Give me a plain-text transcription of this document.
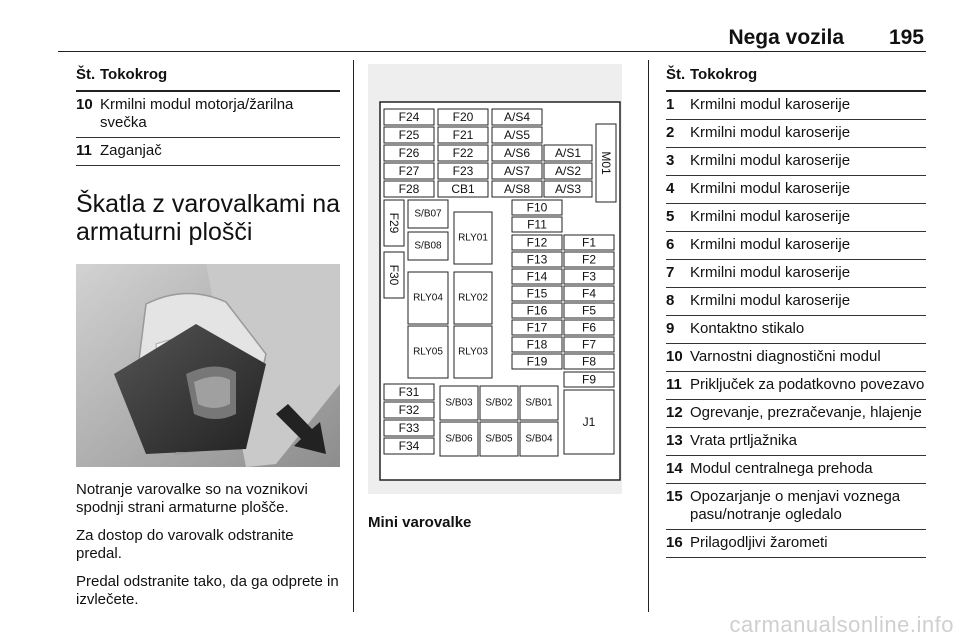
Nega vozila 195
Št. Tokokrog
10 Krmilni modul motorja/žarilna svečka
11 Zaganjač
Škatla z varovalkami na armaturni plošči
Notranje varovalke so na voznikovi spodnji strani armaturne plošče.
Za dostop do varovalk odstranite predal.
Predal odstranite tako, da ga odprete in izvlečete.
F24	F20	A/S4
F25	F21	A/S5
F26	F22	A/S6 A/S1
F27	F23	A/S7 A/S2
F28	CB1 A/S8 A/S3
M01
F29
F30
S/B07
S/B08
RLY01
F10
F11
F12	F1
F13	F2
F14	F3
F15	F4
F16	F5
F17	F6
F18	F7
F19	F8
F9
RLY04 RLY02
RLY05 RLY03
F31
F32
F33
F34
S/B03 S/B02 S/B01
S/B06 S/B05 S/B04
J1
Mini varovalke
Št. Tokokrog
1	Krmilni modul karoserije
2	Krmilni modul karoserije
3	Krmilni modul karoserije
4	Krmilni modul karoserije
5	Krmilni modul karoserije
6	Krmilni modul karoserije
7	Krmilni modul karoserije
8	Krmilni modul karoserije
9	Kontaktno stikalo
10 Varnostni diagnostični modul
11 Priključek za podatkovno povezavo
12 Ogrevanje, prezračevanje, hlajenje
13 Vrata prtljažnika
14 Modul centralnega prehoda
15 Opozarjanje o menjavi voznega pasu/notranje ogledalo
16 Prilagodljivi žarometi
carmanualsonline.info
